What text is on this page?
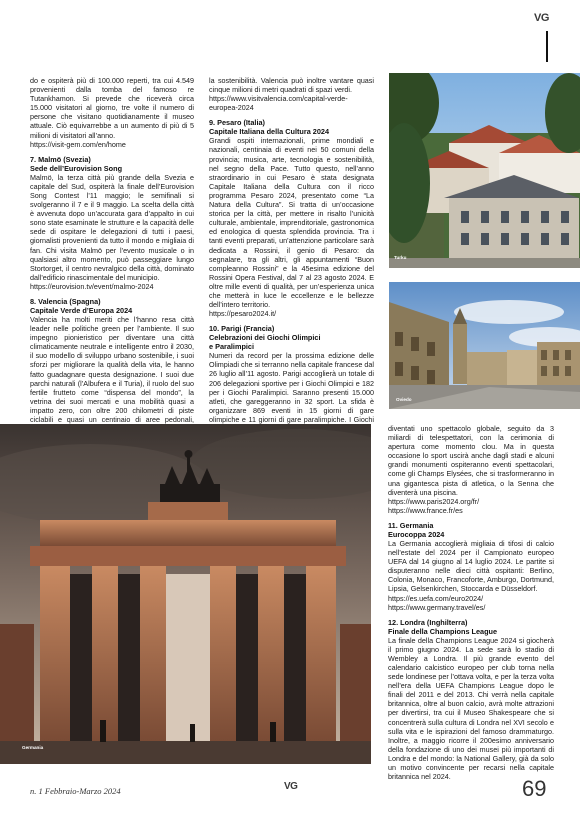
VG

do e ospiterà più di 100.000 reperti, tra cui 4.549 provenienti dalla tomba del famoso re Tutankhamon. Si prevede che riceverà circa 15.000 visitatori al giorno, tre volte il numero di persone che visitano quotidianamente il museo attuale. Ciò equivarrebbe a un aumento di più di 5 milioni di visitatori all’anno.

https://visit-gem.com/en/home
7. Malmö (Svezia)
Sede dell’Eurovision Song

Malmö, la terza città più grande della Svezia e capitale del Sud, ospiterà la finale dell’Eurovision Song Contest l’11 maggio; le semifinali si svolgeranno il 7 e il 9 maggio. La scelta della città è avvenuta dopo un’accurata gara d’appalto in cui sono state esaminate le strutture e la capacità delle sede di ospitare le delegazioni di tutti i paesi, giornalisti provenienti da tutto il mondo e migliaia di fan. Chi visita Malmö per l’evento musicale o in qualsiasi altro momento, può passeggiare lungo Stortorget, il centro nevralgico della città, dominato dall’edificio rinascimentale del municipio.

https://eurovision.tv/event/malmo-2024
8. Valencia (Spagna)
Capitale Verde d’Europa 2024

Valencia ha molti meriti che l’hanno resa città leader nelle politiche green per l’ambiente. Il suo impegno pionieristico per diventare una città climaticamente neutrale e intelligente entro il 2030, il suo modello di sviluppo urbano sostenibile, i suoi sforzi per migliorare la qualità della vita, le hanno fatto guadagnare questa designazione. I suoi due parchi naturali (l’Albufera e il Turia), il ruolo del suo fertile frutteto come “dispensa del mondo”, la vetrina dei suoi mercati e una mobilità quasi a impatto zero, con oltre 200 chilometri di piste ciclabili e quasi un centinaio di aree pedonali,

la sostenibilità. Valencia può inoltre vantare quasi cinque milioni di metri quadrati di spazi verdi.

https://www.visitvalencia.com/capital-verde-europea-2024
9. Pesaro (Italia)
Capitale Italiana della Cultura 2024

Grandi ospiti internazionali, prime mondiali e nazionali, centinaia di eventi nei 50 comuni della provincia; musica, arte, tecnologia e sostenibilità, nel segno della Pace. Tutto questo, nell’anno straordinario in cui Pesaro è stata designata Capitale Italiana della Cultura con il ricco programma Pesaro 2024, presentato come “La Natura della Cultura”. Si tratta di un’occasione storica per la città, per mettere in risalto l’unicità culturale, ambientale, imprenditoriale, gastronomica ed enologica di questa splendida provincia. Tra i tanti eventi preparati, un’attenzione particolare sarà dedicata a Rossini, il genio di Pesaro: da segnalare, tra gli altri, gli appuntamenti “Buon compleanno Rossini” e la 45esima edizione del Rossini Opera Festival, dal 7 al 23 agosto 2024. E oltre mille eventi di qualità, per un’esperienza unica che metterà in luce le eccellenze e le bellezze dell’intero territorio.

https://pesaro2024.it/
10. Parigi (Francia)
Celebrazioni dei Giochi Olimpici
e Paralimpici

Numeri da record per la prossima edizione delle Olimpiadi che si terranno nella capitale francese dal 26 luglio all’11 agosto. Parigi accoglierà un totale di 206 delegazioni sportive per i Giochi Olimpici e 182 per i Giochi Paralimpici. Saranno presenti 15.000 atleti, che gareggeranno in 32 sport. La sfida è organizzare 869 eventi in 15 giorni di gare olimpiche e 11 giorni di gare paralimpiche. I Giochi

Turku
Oviedo
Germania

diventati uno spettacolo globale, seguito da 3 miliardi di telespettatori, con la cerimonia di apertura come momento clou. Ma in questa occasione lo sport uscirà anche dagli stadi e alcuni grandi monumenti ospiteranno eventi spettacolari, come gli Champs Elysées, che si trasformeranno in una gigantesca pista di atletica, o la Senna che diventerà una piscina.

https://www.paris2024.org/fr/
https://www.france.fr/es
11. Germania
Eurocoppa 2024

La Germania accoglierà migliaia di tifosi di calcio nell’estate del 2024 per il Campionato europeo UEFA dal 14 giugno al 14 luglio 2024. Le partite si disputeranno nelle dieci città ospitanti: Berlino, Colonia, Monaco, Francoforte, Amburgo, Dortmund, Lipsia, Gelsenkirchen, Stoccarda e Düsseldorf.

https://es.uefa.com/euro2024/
https://www.germany.travel/es/
12. Londra (Inghilterra)
Finale della Champions League

La finale della Champions League 2024 si giocherà il primo giugno 2024. La sede sarà lo stadio di Wembley a Londra. Il più grande evento del calendario calcistico europeo per club torna nella sede londinese per l’ottava volta, e per la terza volta nell’era della UEFA Champions League dopo le finali del 2011 e del 2013. Chi verrà nella capitale britannica, oltre al buon calcio, avrà molte attrazioni per divertirsi, tra cui il Museo Shakespeare che si concentrerà sulla cultura di Londra nel XVI secolo e sulla vita e le ispirazioni del famoso drammaturgo. Inoltre, a maggio ricorre il 200esimo anniversario della fondazione di uno dei musei più importanti di Londra e del mondo: la National Gallery, già da solo un motivo convincente per recarsi nella capitale britannica nel 2024.

n. 1 Febbraio-Marzo 2024	VG	69
